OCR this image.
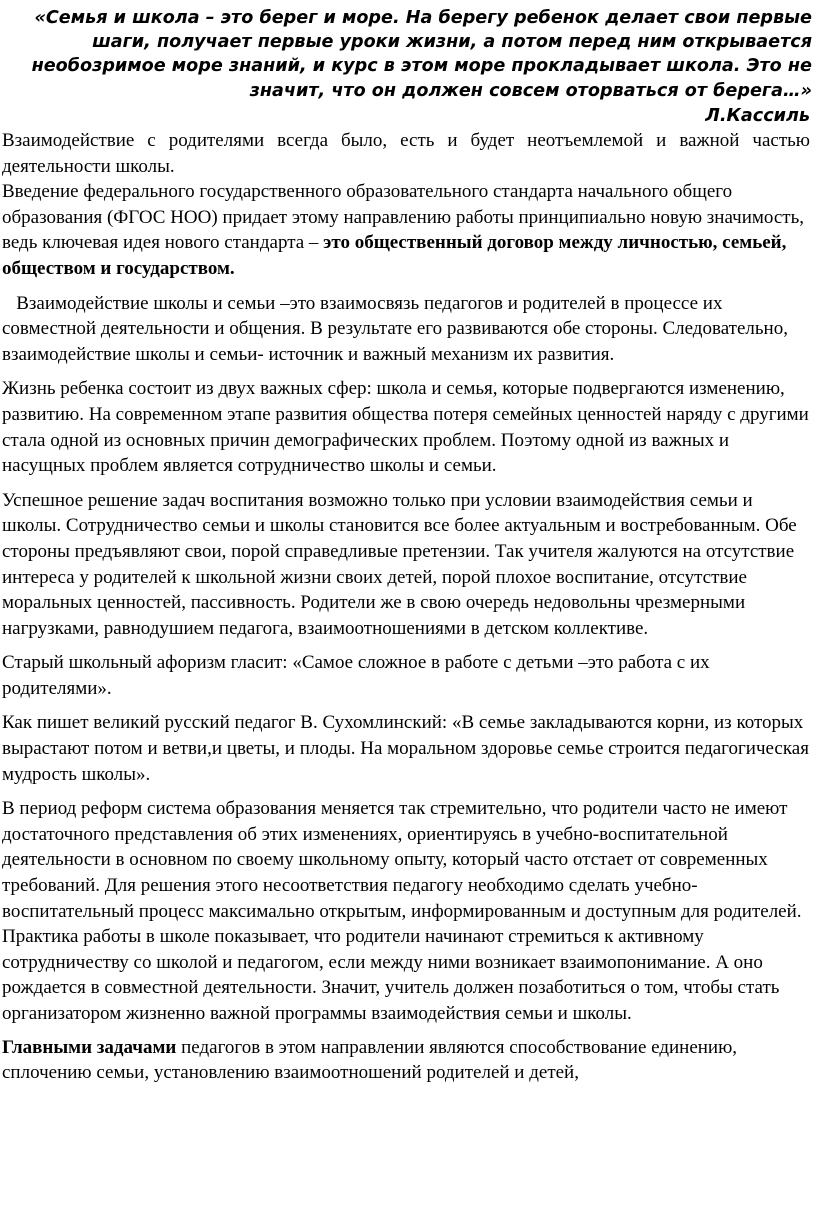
«Семья и школа – это берег и море. На берегу ребенок делает свои первые шаги, получает первые уроки жизни, а потом перед ним открывается необозримое море знаний, и курс в этом море прокладывает школа. Это не значит, что он должен совсем оторваться от берега…»

Л.Кассиль

Взаимодействие с родителями всегда было, есть и будет неотъемлемой и важной частью деятельности школы.

Введение федерального государственного образовательного стандарта начального общего образования (ФГОС НОО) придает этому направлению работы принципиально новую значимость, ведь ключевая идея нового стандарта – это общественный договор между личностью, семьей, обществом и государством.

Взаимодействие школы и семьи –это взаимосвязь педагогов и родителей в процессе их совместной деятельности и общения. В результате его развиваются обе стороны. Следовательно, взаимодействие школы и семьи- источник и важный механизм их развития.

Жизнь ребенка состоит из двух важных сфер: школа и семья, которые подвергаются изменению, развитию. На современном этапе развития общества потеря семейных ценностей наряду с другими стала одной из основных причин демографических проблем. Поэтому одной из важных и насущных проблем является сотрудничество школы и семьи.

Успешное решение задач воспитания возможно только при условии взаимодействия семьи и школы. Сотрудничество семьи и школы становится все более актуальным и востребованным. Обе стороны предъявляют свои, порой справедливые претензии. Так учителя жалуются на отсутствие интереса у родителей к школьной жизни своих детей, порой плохое воспитание, отсутствие моральных ценностей, пассивность. Родители же в свою очередь недовольны чрезмерными нагрузками, равнодушием педагога, взаимоотношениями в детском коллективе.

Старый школьный афоризм гласит: «Самое сложное в работе с детьми –это работа с их родителями».

Как пишет великий русский педагог В. Сухомлинский: «В семье закладываются корни, из которых вырастают потом и ветви,и цветы, и плоды. На моральном здоровье семье строится педагогическая мудрость школы».

В период реформ система образования меняется так стремительно, что родители часто не имеют достаточного представления об этих изменениях, ориентируясь в учебно-воспитательной деятельности в основном по своему школьному опыту, который часто отстает от современных требований. Для решения этого несоответствия педагогу необходимо сделать учебно-воспитательный процесс максимально открытым, информированным и доступным для родителей. Практика работы в школе показывает, что родители начинают стремиться к активному сотрудничеству со школой и педагогом, если между ними возникает взаимопонимание. А оно рождается в совместной деятельности. Значит, учитель должен позаботиться о том, чтобы стать организатором жизненно важной программы взаимодействия семьи и школы.

Главными задачами педагогов в этом направлении являются способствование единению, сплочению семьи, установлению взаимоотношений родителей и детей,
